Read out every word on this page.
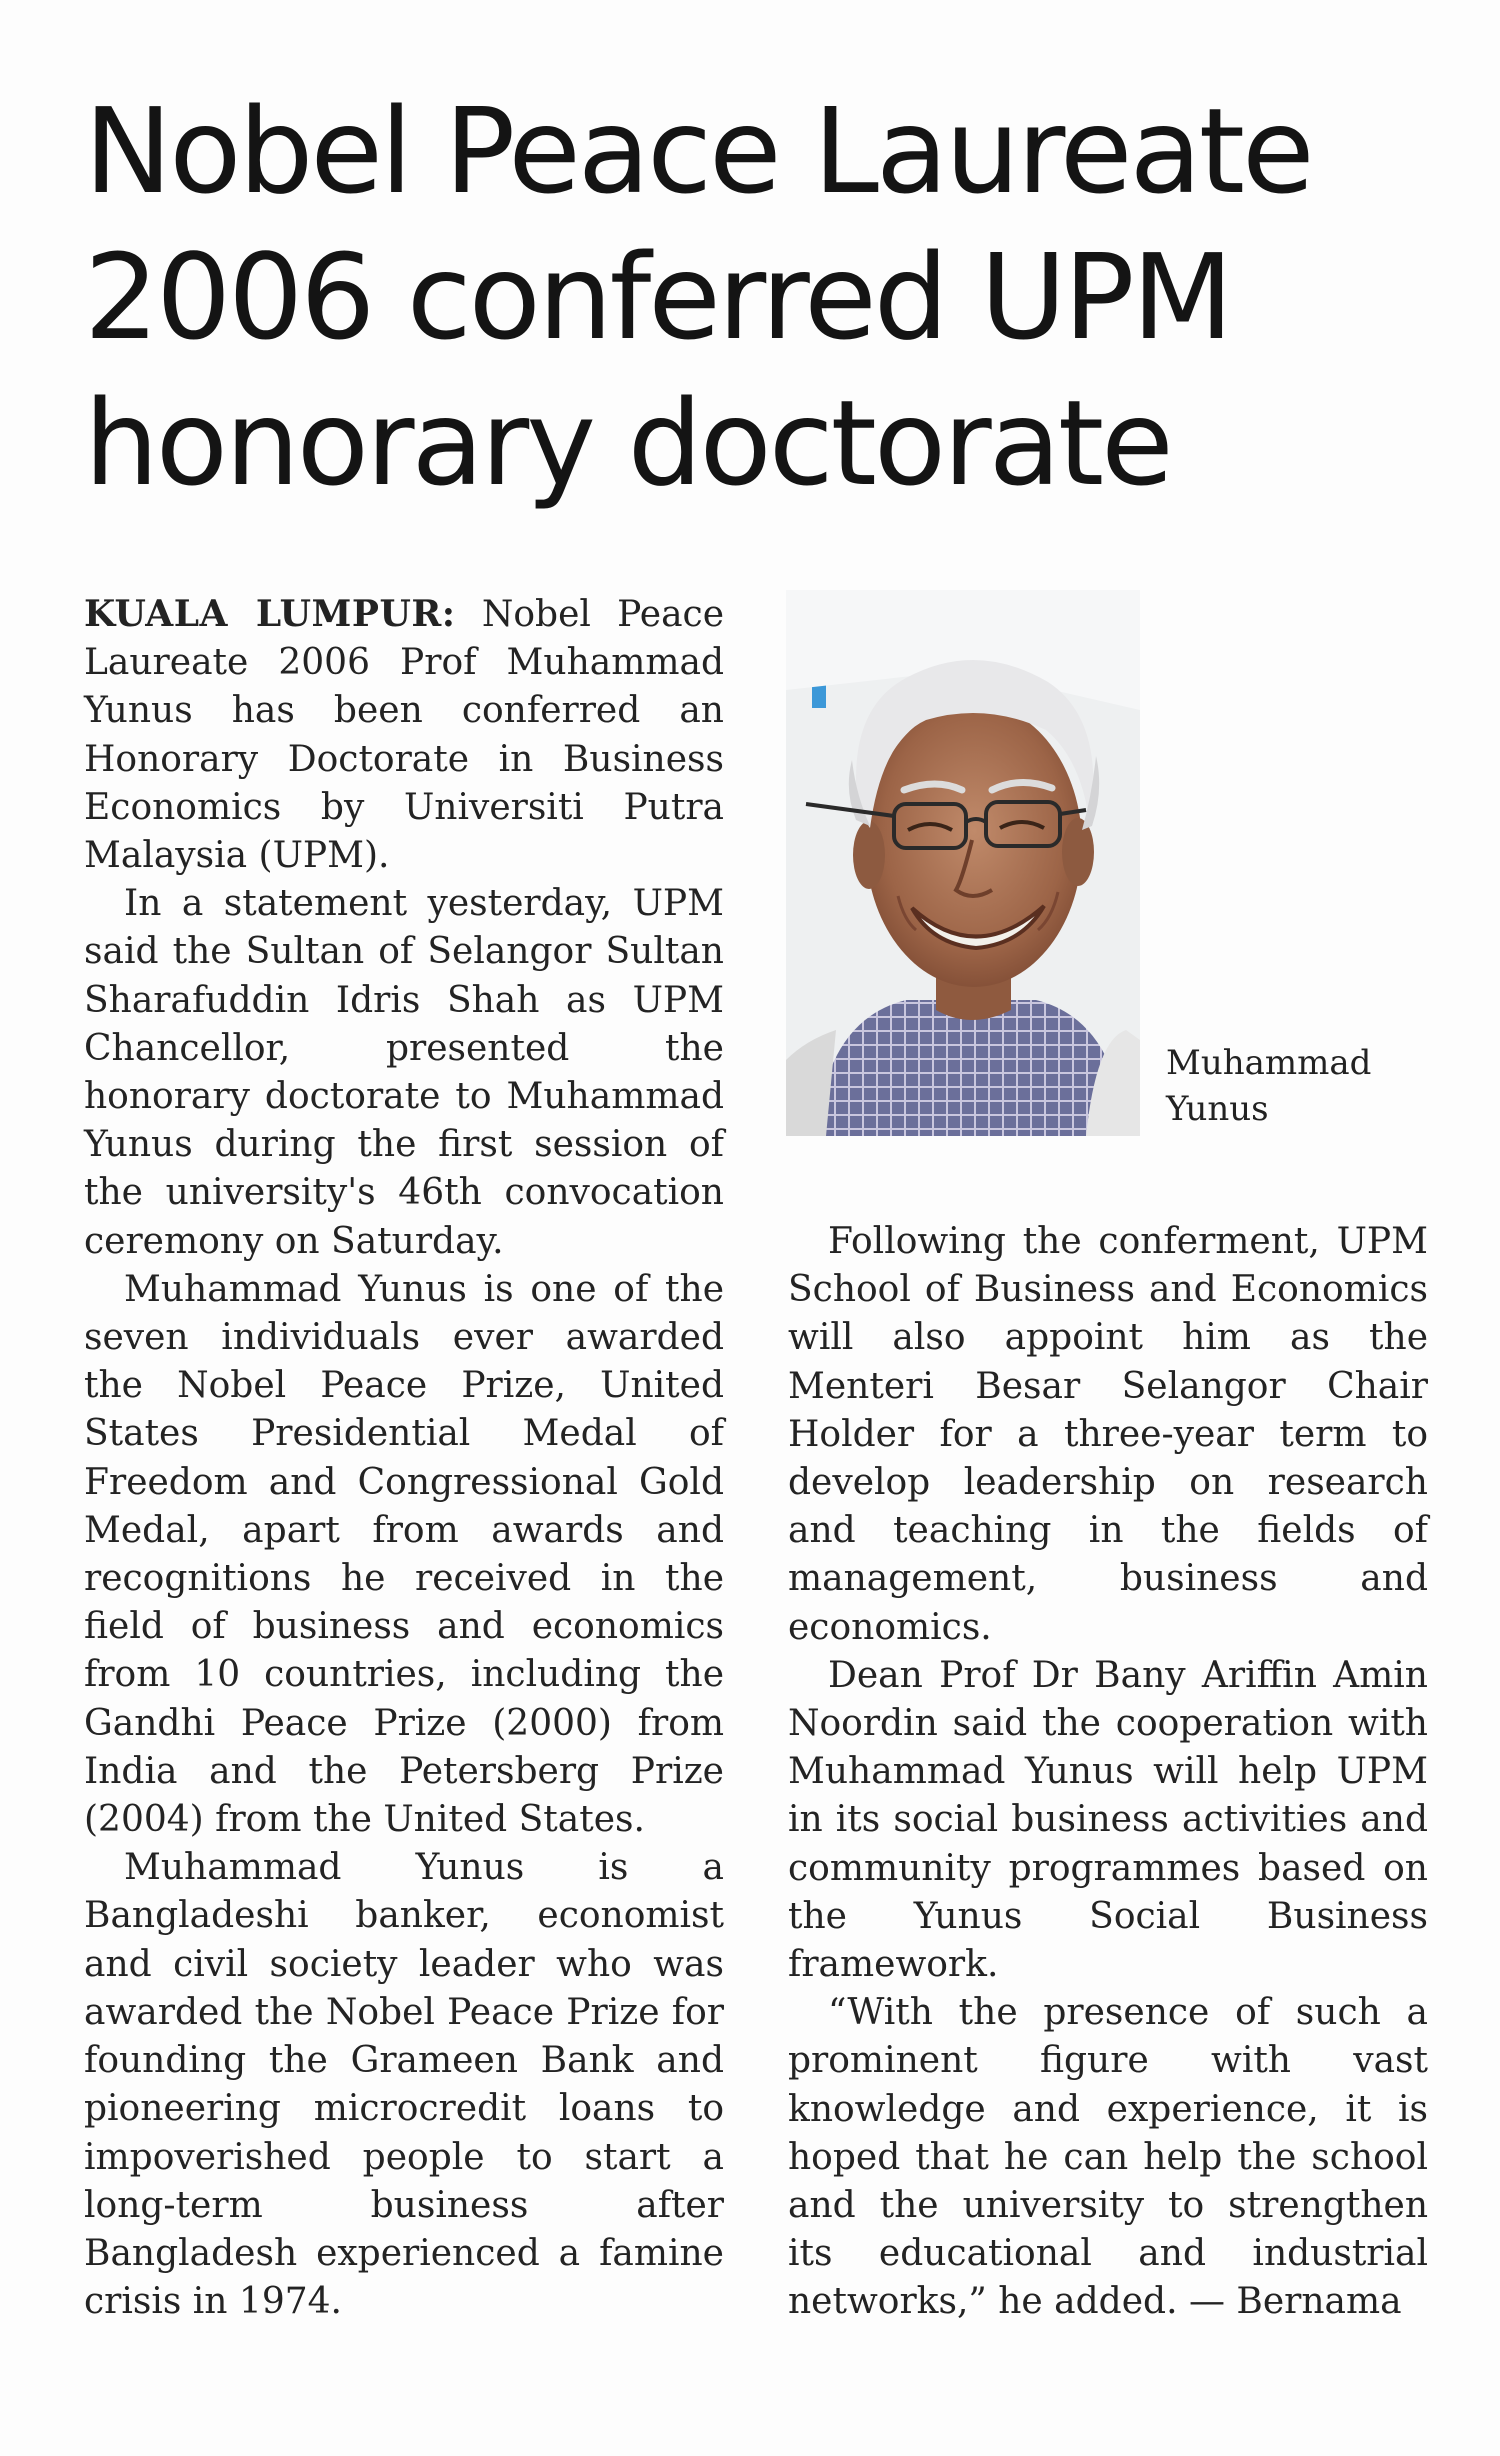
Nobel Peace Laureate
2006 conferred UPM
honorary doctorate

KUALA LUMPUR: Nobel Peace Laureate 2006 Prof Muhammad Yunus has been conferred an Honorary Doctorate in Business Economics by Universiti Putra Malaysia (UPM).

In a statement yesterday, UPM said the Sultan of Selangor Sultan Sharafuddin Idris Shah as UPM Chancellor, presented the honorary doctorate to Muhammad Yunus during the first session of the university's 46th convocation ceremony on Saturday.

Muhammad Yunus is one of the seven individuals ever awarded the Nobel Peace Prize, United States Presidential Medal of Freedom and Congressional Gold Medal, apart from awards and recognitions he received in the field of business and economics from 10 countries, including the Gandhi Peace Prize (2000) from India and the Petersberg Prize (2004) from the United States.

Muhammad Yunus is a Bangladeshi banker, economist and civil society leader who was awarded the Nobel Peace Prize for founding the Grameen Bank and pioneering microcredit loans to impoverished people to start a long-term business after Bangladesh experienced a famine crisis in 1974.

Muhammad
Yunus

Following the conferment, UPM School of Business and Economics will also appoint him as the Menteri Besar Selangor Chair Holder for a three-year term to develop leadership on research and teaching in the fields of management, business and economics.

Dean Prof Dr Bany Ariffin Amin Noordin said the cooperation with Muhammad Yunus will help UPM in its social business activities and community programmes based on the Yunus Social Business framework.

“With the presence of such a prominent figure with vast knowledge and experience, it is hoped that he can help the school and the university to strengthen its educational and industrial networks,” he added. — Bernama
